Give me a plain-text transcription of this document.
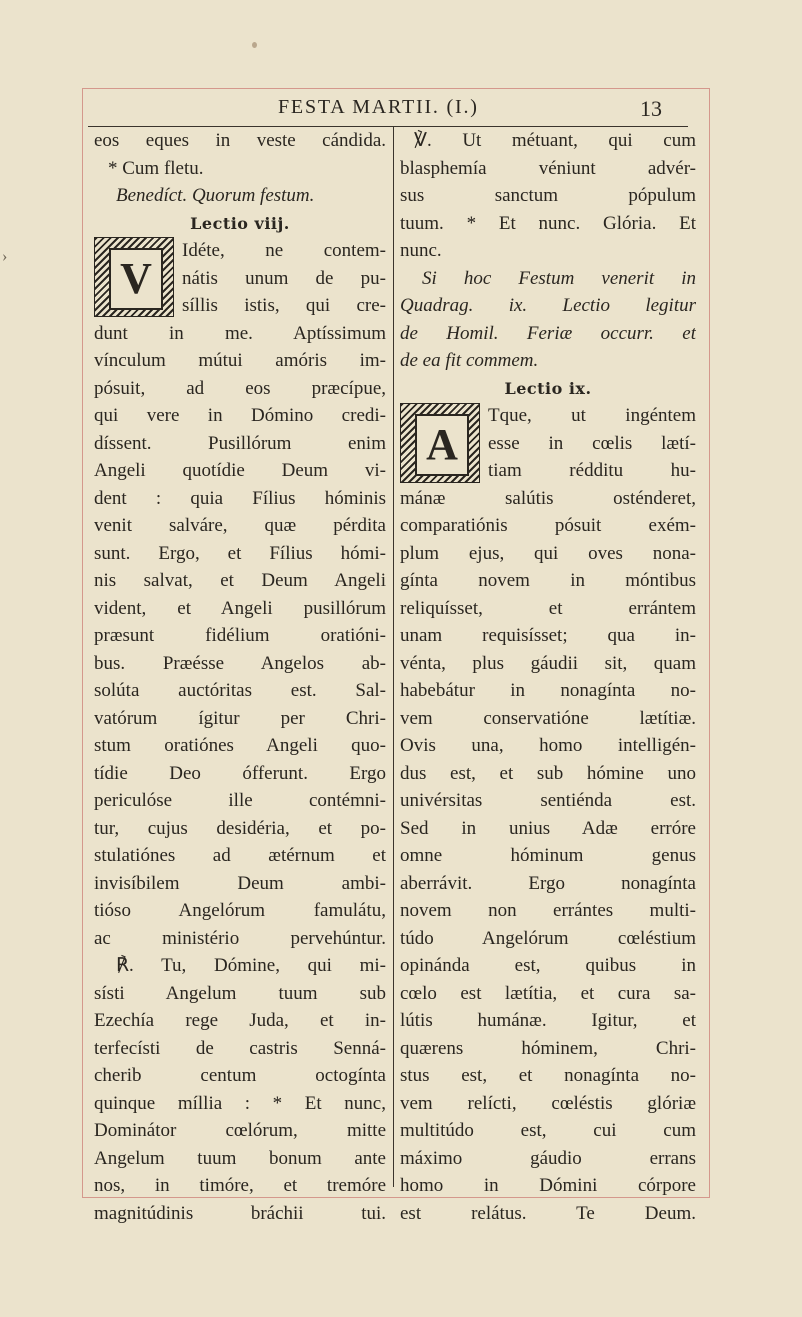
›
FESTA MARTII. (I.)	13
V
A
eos eques in veste cándida.
* Cum fletu.
Benedíct. Quorum festum.
Lectio viij.
Idéte, ne contem-
nátis unum de pu-
síllis istis, qui cre-
dunt in me. Aptíssimum
vínculum mútui amóris im-
pósuit, ad eos præcípue,
qui vere in Dómino credi-
díssent. Pusillórum enim
Angeli quotídie Deum vi-
dent : quia Fílius hóminis
venit salváre, quæ pérdita
sunt. Ergo, et Fílius hómi-
nis salvat, et Deum Angeli
vident, et Angeli pusillórum
præsunt fidélium oratióni-
bus. Præésse Angelos ab-
solúta auctóritas est. Sal-
vatórum ígitur per Chri-
stum oratiónes Angeli quo-
tídie Deo ófferunt. Ergo
periculóse ille contémni-
tur, cujus desidéria, et po-
stulatiónes ad ætérnum et
invisíbilem Deum ambi-
tióso Angelórum famulátu,
ac ministério pervehúntur.
℟. Tu, Dómine, qui mi-
sísti Angelum tuum sub
Ezechía rege Juda, et in-
terfecísti de castris Senná-
cherib centum octogínta
quinque míllia : * Et nunc,
Dominátor cœlórum, mitte
Angelum tuum bonum ante
nos, in timóre, et tremóre
magnitúdinis bráchii tui.
℣. Ut métuant, qui cum
blasphemía véniunt advér-
sus sanctum pópulum
tuum. * Et nunc. Glória. Et
nunc.
Si hoc Festum venerit in
Quadrag. ix. Lectio legitur
de Homil. Feriæ occurr. et
de ea fit commem.
Lectio ix.
Tque, ut ingéntem
esse in cœlis lætí-
tiam rédditu hu-
mánæ salútis osténderet,
comparatiónis pósuit exém-
plum ejus, qui oves nona-
gínta novem in móntibus
reliquísset, et errántem
unam requisísset; qua in-
vénta, plus gáudii sit, quam
habebátur in nonagínta no-
vem conservatióne lætítiæ.
Ovis una, homo intelligén-
dus est, et sub hómine uno
univérsitas sentiénda est.
Sed in unius Adæ erróre
omne hóminum genus
aberrávit. Ergo nonagínta
novem non errántes multi-
túdo Angelórum cœléstium
opinánda est, quibus in
cœlo est lætítia, et cura sa-
lútis humánæ. Igitur, et
quærens hóminem, Chri-
stus est, et nonagínta no-
vem relícti, cœléstis glóriæ
multitúdo est, cui cum
máximo gáudio errans
homo in Dómini córpore
est relátus. Te Deum.
